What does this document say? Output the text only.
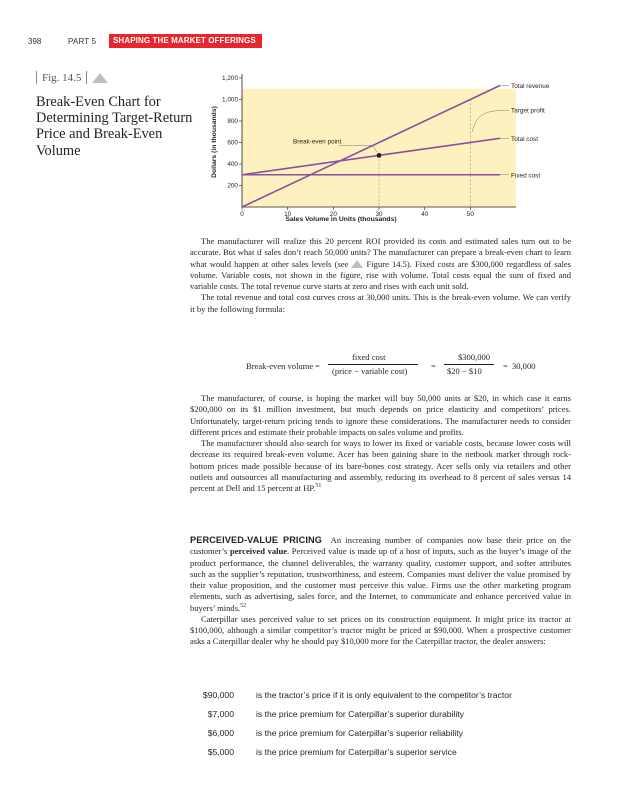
398	PART 5	SHAPING THE MARKET OFFERINGS
Fig. 14.5
Break-Even Chart for Determining Target-Return Price and Break-Even Volume
Total revenue
Total cost
Fixed cost
200
400
600
800
1,000
1,200
0	10	20	30	40	50
Break-even point
Target profit
Sales Volume in Units (thousands)
Dollars (in thousands)

The manufacturer will realize this 20 percent ROI provided its costs and estimated sales turn out to be accurate. But what if sales don’t reach 50,000 units? The manufacturer can prepare a break-even chart to learn what would happen at other sales levels (see Figure 14.5). Fixed costs are $300,000 regardless of sales volume. Variable costs, not shown in the figure, rise with volume. Total costs equal the sum of fixed and variable costs. The total revenue curve starts at zero and rises with each unit sold.

The total revenue and total cost curves cross at 30,000 units. This is the break-even volume. We can verify it by the following formula:

Break-even volume =
fixed cost
(price − variable cost)	=
$300,000
$20 − $10 = 30,000

The manufacturer, of course, is hoping the market will buy 50,000 units at $20, in which case it earns $200,000 on its $1 million investment, but much depends on price elasticity and competitors’ prices. Unfortunately, target-return pricing tends to ignore these considerations. The manufacturer needs to consider different prices and estimate their probable impacts on sales volume and profits.

The manufacturer should also search for ways to lower its fixed or variable costs, because lower costs will decrease its required break-even volume. Acer has been gaining share in the netbook market through rock-bottom prices made possible because of its bare-bones cost strategy. Acer sells only via retailers and other outlets and outsources all manufacturing and assembly, reducing its overhead to 8 percent of sales versus 14 percent at Dell and 15 percent at HP.$^{51}$

PERCEIVED-VALUE PRICING An increasing number of companies now base their price on the customer’s perceived value. Perceived value is made up of a host of inputs, such as the buyer’s image of the product performance, the channel deliverables, the warranty quality, customer support, and softer attributes such as the supplier’s reputation, trustworthiness, and esteem. Companies must deliver the value promised by their value proposition, and the customer must perceive this value. Firms use the other marketing program elements, such as advertising, sales force, and the Internet, to communicate and enhance perceived value in buyers’ minds.$^{52}$

Caterpillar uses perceived value to set prices on its construction equipment. It might price its tractor at $100,000, although a similar competitor’s tractor might be priced at $90,000. When a prospective customer asks a Caterpillar dealer why he should pay $10,000 more for the Caterpillar tractor, the dealer answers:

$90,000	is the tractor’s price if it is only equivalent to the competitor’s tractor
$7,000	is the price premium for Caterpillar’s superior durability
$6,000	is the price premium for Caterpillar’s superior reliability
$5,000	is the price premium for Caterpillar’s superior service
